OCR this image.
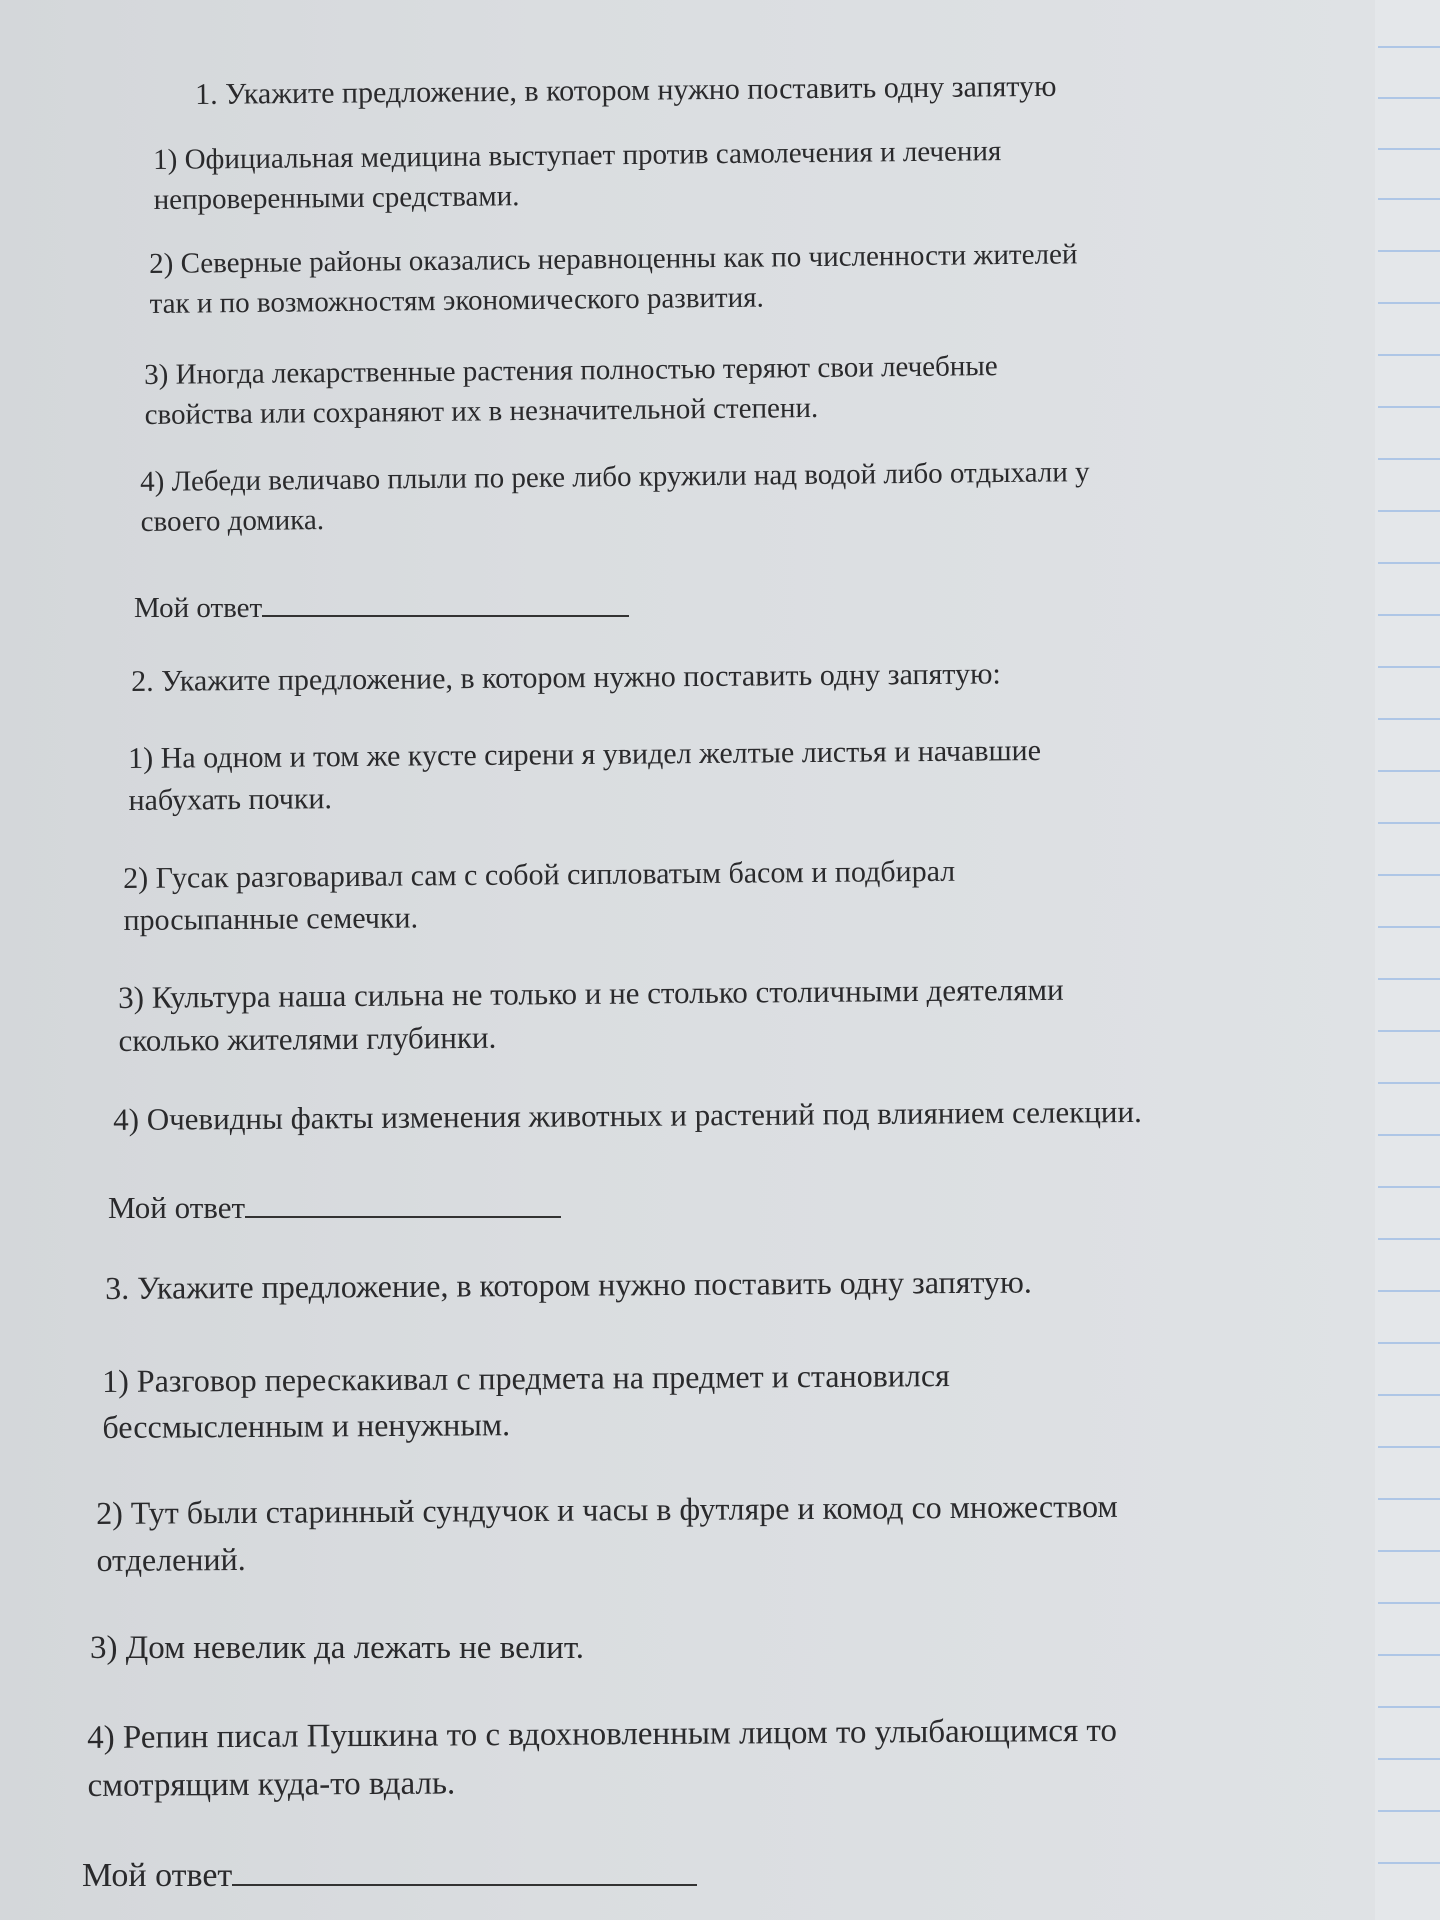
1. Укажите предложение, в котором нужно поставить одну запятую
1) Официальная медицина выступает против самолечения и лечения
непроверенными средствами.
2) Северные районы оказались неравноценны как по численности жителей
так и по возможностям экономического развития.
3) Иногда лекарственные растения полностью теряют свои лечебные
свойства или сохраняют их в незначительной степени.
4) Лебеди величаво плыли по реке либо кружили над водой либо отдыхали у
своего домика.
Мой ответ
2. Укажите предложение, в котором нужно поставить одну запятую:
1) На одном и том же кусте сирени я увидел желтые листья и начавшие
набухать почки.
2) Гусак разговаривал сам с собой сипловатым басом и подбирал
просыпанные семечки.
3) Культура наша сильна не только и не столько столичными деятелями
сколько жителями глубинки.
4) Очевидны факты изменения животных и растений под влиянием селекции.
Мой ответ
3. Укажите предложение, в котором нужно поставить одну запятую.
1) Разговор перескакивал с предмета на предмет и становился
бессмысленным и ненужным.
2) Тут были старинный сундучок и часы в футляре и комод со множеством
отделений.
3) Дом невелик да лежать не велит.
4) Репин писал Пушкина то с вдохновленным лицом то улыбающимся то
смотрящим куда-то вдаль.
Мой ответ
